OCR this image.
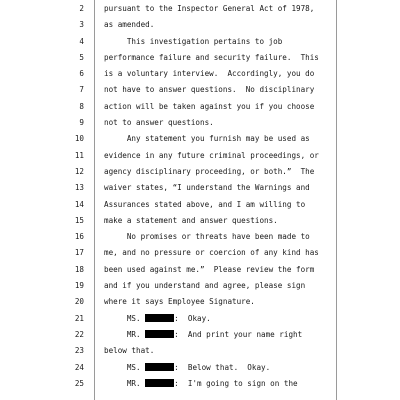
2	pursuant to the Inspector General Act of 1978,
3	as amended.
4	This investigation pertains to job
5	performance failure and security failure.  This
6	is a voluntary interview.  Accordingly, you do
7	not have to answer questions.  No disciplinary
8	action will be taken against you if you choose
9	not to answer questions.
10	Any statement you furnish may be used as
11	evidence in any future criminal proceedings, or
12	agency disciplinary proceeding, or both.”  The
13	waiver states, “I understand the Warnings and
14	Assurances stated above, and I am willing to
15	make a statement and answer questions.
16	No promises or threats have been made to
17	me, and no pressure or coercion of any kind has
18	been used against me.”  Please review the form
19	and if you understand and agree, please sign
20	where it says Employee Signature.
21	MS.	:  Okay.
22	MR.	:  And print your name right
23	below that.
24	MS.	:  Below that.  Okay.
25	MR.	:  I'm going to sign on the
